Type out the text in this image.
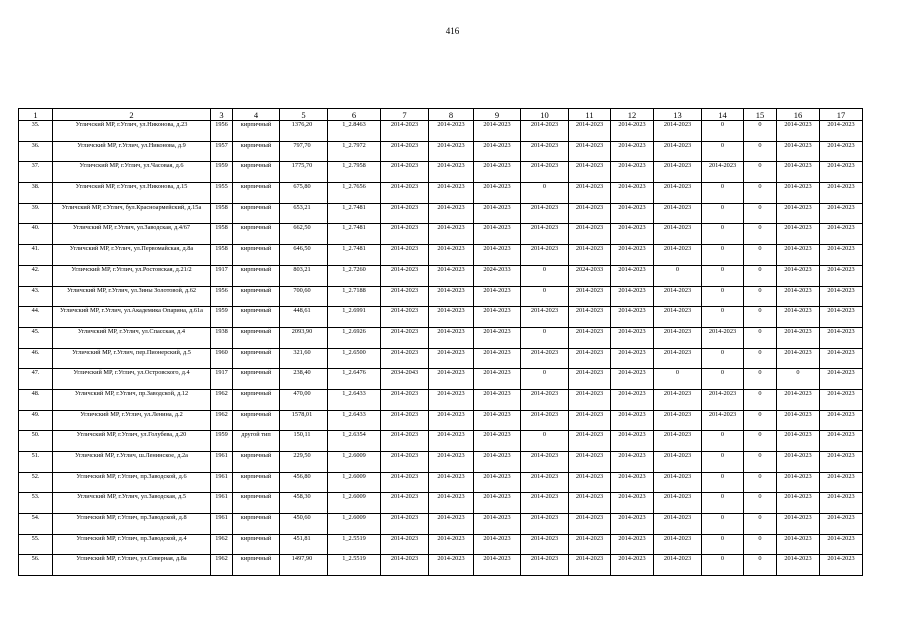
416
1	2	3	4	5	6	7	8	9	10	11	12	13	14	15	16	17
35.	Угличский МР, г.Углич, ул.Никонова, д.23	1956	кирпичный	1376,20	1_2.8463	2014-2023	2014-2023	2014-2023	2014-2023	2014-2023	2014-2023	2014-2023	0	0	2014-2023	2014-2023
36.	Угличский МР, г.Углич, ул.Никонова, д.9	1957	кирпичный	797,70	1_2.7972	2014-2023	2014-2023	2014-2023	2014-2023	2014-2023	2014-2023	2014-2023	0	0	2014-2023	2014-2023
37.	Угличский МР, г.Углич, ул.Часовая, д.6	1959	кирпичный	1775,70	1_2.7958	2014-2023	2014-2023	2014-2023	2014-2023	2014-2023	2014-2023	2014-2023	2014-2023	0	2014-2023	2014-2023
38.	Угличский МР, г.Углич, ул.Никонова, д.15	1955	кирпичный	675,80	1_2.7656	2014-2023	2014-2023	2014-2023	0	2014-2023	2014-2023	2014-2023	0	0	2014-2023	2014-2023
39.	Угличский МР, г.Углич, бул.Красноармейский, д.15а	1958	кирпичный	653,21	1_2.7481	2014-2023	2014-2023	2014-2023	2014-2023	2014-2023	2014-2023	2014-2023	0	0	2014-2023	2014-2023
40.	Угличский МР, г.Углич, ул.Заводская, д.4/67	1958	кирпичный	662,50	1_2.7481	2014-2023	2014-2023	2014-2023	2014-2023	2014-2023	2014-2023	2014-2023	0	0	2014-2023	2014-2023
41.	Угличский МР, г.Углич, ул.Первомайская, д.8а	1958	кирпичный	646,50	1_2.7481	2014-2023	2014-2023	2014-2023	2014-2023	2014-2023	2014-2023	2014-2023	0	0	2014-2023	2014-2023
42.	Угличский МР, г.Углич, ул.Ростовская, д.21/2	1917	кирпичный	803,21	1_2.7260	2014-2023	2014-2023	2024-2033	0	2024-2033	2014-2023	0	0	0	2014-2023	2014-2023
43.	Угличский МР, г.Углич, ул.Зины Золотовой, д.62	1956	кирпичный	700,60	1_2.7188	2014-2023	2014-2023	2014-2023	0	2014-2023	2014-2023	2014-2023	0	0	2014-2023	2014-2023
44.	Угличский МР, г.Углич, ул.Академика Опарина, д.61а	1959	кирпичный	448,61	1_2.6991	2014-2023	2014-2023	2014-2023	2014-2023	2014-2023	2014-2023	2014-2023	0	0	2014-2023	2014-2023
45.	Угличский МР, г.Углич, ул.Спасская, д.4	1938	кирпичный	2093,90	1_2.6926	2014-2023	2014-2023	2014-2023	0	2014-2023	2014-2023	2014-2023	2014-2023	0	2014-2023	2014-2023
46.	Угличский МР, г.Углич, пер.Пионерский, д.5	1960	кирпичный	321,60	1_2.6500	2014-2023	2014-2023	2014-2023	2014-2023	2014-2023	2014-2023	2014-2023	0	0	2014-2023	2014-2023
47.	Угличский МР, г.Углич, ул.Островского, д.4	1917	кирпичный	238,40	1_2.6476	2034-2043	2014-2023	2014-2023	0	2014-2023	2014-2023	0	0	0	0	2014-2023
48.	Угличский МР, г.Углич, пр.Заводской, д.12	1962	кирпичный	470,00	1_2.6433	2014-2023	2014-2023	2014-2023	2014-2023	2014-2023	2014-2023	2014-2023	2014-2023	0	2014-2023	2014-2023
49.	Угличский МР, г.Углич, ул.Ленина, д.2	1962	кирпичный	1578,01	1_2.6433	2014-2023	2014-2023	2014-2023	2014-2023	2014-2023	2014-2023	2014-2023	2014-2023	0	2014-2023	2014-2023
50.	Угличский МР, г.Углич, ул.Голубева, д.20	1959	другой тип	150,11	1_2.6354	2014-2023	2014-2023	2014-2023	0	2014-2023	2014-2023	2014-2023	0	0	2014-2023	2014-2023
51.	Угличский МР, г.Углич, ш.Ленинское, д.2а	1961	кирпичный	229,50	1_2.6009	2014-2023	2014-2023	2014-2023	2014-2023	2014-2023	2014-2023	2014-2023	0	0	2014-2023	2014-2023
52.	Угличский МР, г.Углич, пр.Заводской, д.6	1961	кирпичный	456,80	1_2.6009	2014-2023	2014-2023	2014-2023	2014-2023	2014-2023	2014-2023	2014-2023	0	0	2014-2023	2014-2023
53.	Угличский МР, г.Углич, ул.Заводская, д.5	1961	кирпичный	458,30	1_2.6009	2014-2023	2014-2023	2014-2023	2014-2023	2014-2023	2014-2023	2014-2023	0	0	2014-2023	2014-2023
54.	Угличский МР, г.Углич, пр.Заводской, д.8	1961	кирпичный	450,60	1_2.6009	2014-2023	2014-2023	2014-2023	2014-2023	2014-2023	2014-2023	2014-2023	0	0	2014-2023	2014-2023
55.	Угличский МР, г.Углич, пр.Заводской, д.4	1962	кирпичный	451,81	1_2.5519	2014-2023	2014-2023	2014-2023	2014-2023	2014-2023	2014-2023	2014-2023	0	0	2014-2023	2014-2023
56.	Угличский МР, г.Углич, ул.Северная, д.8а	1962	кирпичный	1497,90	1_2.5519	2014-2023	2014-2023	2014-2023	2014-2023	2014-2023	2014-2023	2014-2023	0	0	2014-2023	2014-2023
